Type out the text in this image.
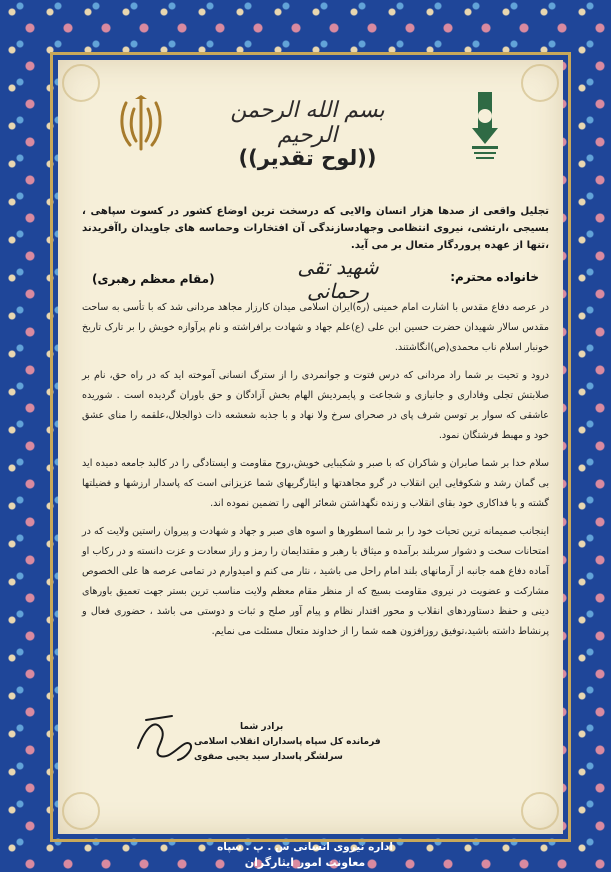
بسم الله الرحمن الرحیم
((لوح تقدیر))
تجلیل واقعی از صدها هزار انسان والایی که درسخت ترین اوضاع کشور در کسوت سپاهی ، بسیجی ،ارتشی، نیروی انتظامی وجهادسازندگی آن افتخارات وحماسه های جاویدان راآفریدند ،تنها از عهده پروردگار متعال بر می آید.
خانواده محترم:
شهید تقی رحمانی
(مقام معظم رهبری)

در عرصه دفاع مقدس با اشارت امام خمینی (ره)ایران اسلامی میدان کارزار مجاهد مردانی شد که با تأسی به ساحت مقدس سالار شهیدان حضرت حسین ابن علی (ع)علم جهاد و شهادت برافراشته و نام پرآوازه خویش را بر تارک تاریخ خونبار اسلام ناب محمدی(ص)انگاشتند.

درود و تحیت بر شما راد مردانی که درس فتوت و جوانمردی را از سترگ انسانی آموخته اید که در راه حق، نام بر صلابتش تجلی وفاداری و جانبازی و شجاعت و پایمردیش الهام بخش آزادگان و حق باوران گردیده است . شوریده عاشقی که سوار بر توسن شرف پای در صحرای سرخ ولا نهاد و با جذبه شعشعه ذات ذوالجلال،علقمه را منای عشق خود و مهبط فرشتگان نمود.

سلام خدا بر شما صابران و شاکران که با صبر و شکیبایی خویش،روح مقاومت و ایستادگی را در کالبد جامعه دمیده اید بی گمان رشد و شکوفایی این انقلاب در گرو مجاهدتها و ایثارگریهای شما عزیزانی است که پاسدار ارزشها و فضیلتها گشته و با فداکاری خود بقای انقلاب و زنده نگهداشتن شعائر الهی را تضمین نموده اند.

اینجانب صمیمانه ترین تحیات خود را بر شما اسطورها و اسوه های صبر و جهاد و شهادت و پیروان راستین ولایت که در امتحانات سخت و دشوار سربلند برآمده و میثاق با رهبر و مقتدایمان را رمز و راز سعادت و عزت دانسته و در رکاب او آماده دفاع همه جانبه از آرمانهای بلند امام راحل می باشید ، نثار می کنم و امیدوارم در تمامی عرصه ها علی الخصوص مشارکت و عضویت در نیروی مقاومت بسیج که از منظر مقام معظم ولایت مناسب ترین بستر جهت تعمیق باورهای دینی و حفظ دستاوردهای انقلاب و محور اقتدار نظام و پیام آور صلح و ثبات و دوستی می باشد ، حضوری فعال و پرنشاط داشته باشید،توفیق روزافزون همه شما را از خداوند متعال مسئلت می نمایم.

برادر شما
فرمانده کل سپاه پاسداران انقلاب اسلامی
سرلشگر پاسدار سید یحیی صفوی
اداره نیروی انسانی س . پ . سپاه
معاونت امور ایثارگران
